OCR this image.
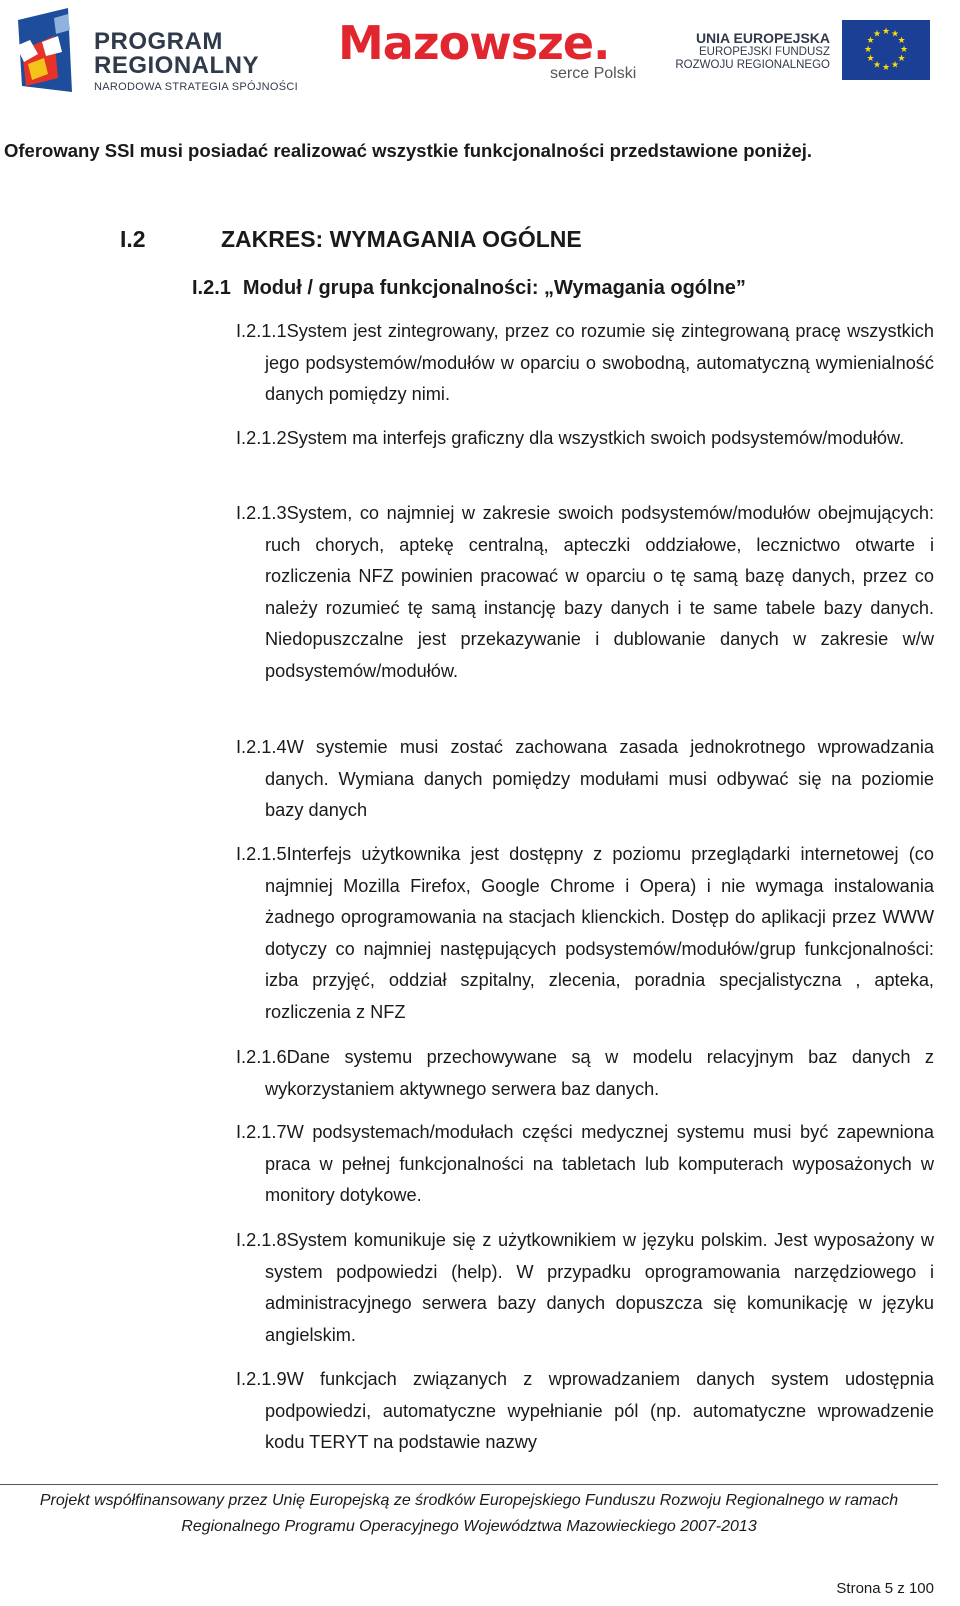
PROGRAM
REGIONALNY
NARODOWA STRATEGIA SPÓJNOŚCI
Mazowsze.
serce Polski
UNIA EUROPEJSKA
EUROPEJSKI FUNDUSZ
ROZWOJU REGIONALNEGO
★ ★
★
★
★
★
★
★
★
★
★
★
Oferowany SSI musi posiadać realizować wszystkie funkcjonalności przedstawione poniżej.
I.2	ZAKRES: WYMAGANIA OGÓLNE
I.2.1 Moduł / grupa funkcjonalności: „Wymagania ogólne”

I.2.1.1System jest zintegrowany, przez co rozumie się zintegrowaną pracę wszystkich jego podsystemów/modułów w oparciu o swobodną, automatyczną wymienialność danych pomiędzy nimi.

I.2.1.2System ma interfejs graficzny dla wszystkich swoich podsystemów/modułów.

I.2.1.3System, co najmniej w zakresie swoich podsystemów/modułów obejmujących: ruch chorych, aptekę centralną, apteczki oddziałowe, lecznictwo otwarte i rozliczenia NFZ powinien pracować w oparciu o tę samą bazę danych, przez co należy rozumieć tę samą instancję bazy danych i te same tabele bazy danych. Niedopuszczalne jest przekazywanie i dublowanie danych w zakresie w/w podsystemów/modułów.

I.2.1.4W systemie musi zostać zachowana zasada jednokrotnego wprowadzania danych. Wymiana danych pomiędzy modułami musi odbywać się na poziomie bazy danych

I.2.1.5Interfejs użytkownika jest dostępny z poziomu przeglądarki internetowej (co najmniej Mozilla Firefox, Google Chrome i Opera) i nie wymaga instalowania żadnego oprogramowania na stacjach klienckich. Dostęp do aplikacji przez WWW dotyczy co najmniej następujących podsystemów/modułów/grup funkcjonalności: izba przyjęć, oddział szpitalny, zlecenia, poradnia specjalistyczna , apteka, rozliczenia z NFZ

I.2.1.6Dane systemu przechowywane są w modelu relacyjnym baz danych z wykorzystaniem aktywnego serwera baz danych.

I.2.1.7W podsystemach/modułach części medycznej systemu musi być zapewniona praca w pełnej funkcjonalności na tabletach lub komputerach wyposażonych w monitory dotykowe.

I.2.1.8System komunikuje się z użytkownikiem w języku polskim. Jest wyposażony w system podpowiedzi (help). W przypadku oprogramowania narzędziowego i administracyjnego serwera bazy danych dopuszcza się komunikację w języku angielskim.

I.2.1.9W funkcjach związanych z wprowadzaniem danych system udostępnia podpowiedzi, automatyczne wypełnianie pól (np. automatyczne wprowadzenie kodu TERYT na podstawie nazwy

Projekt współfinansowany przez Unię Europejską ze środków Europejskiego Funduszu Rozwoju Regionalnego w ramach
Regionalnego Programu Operacyjnego Województwa Mazowieckiego 2007-2013
Strona 5 z 100
